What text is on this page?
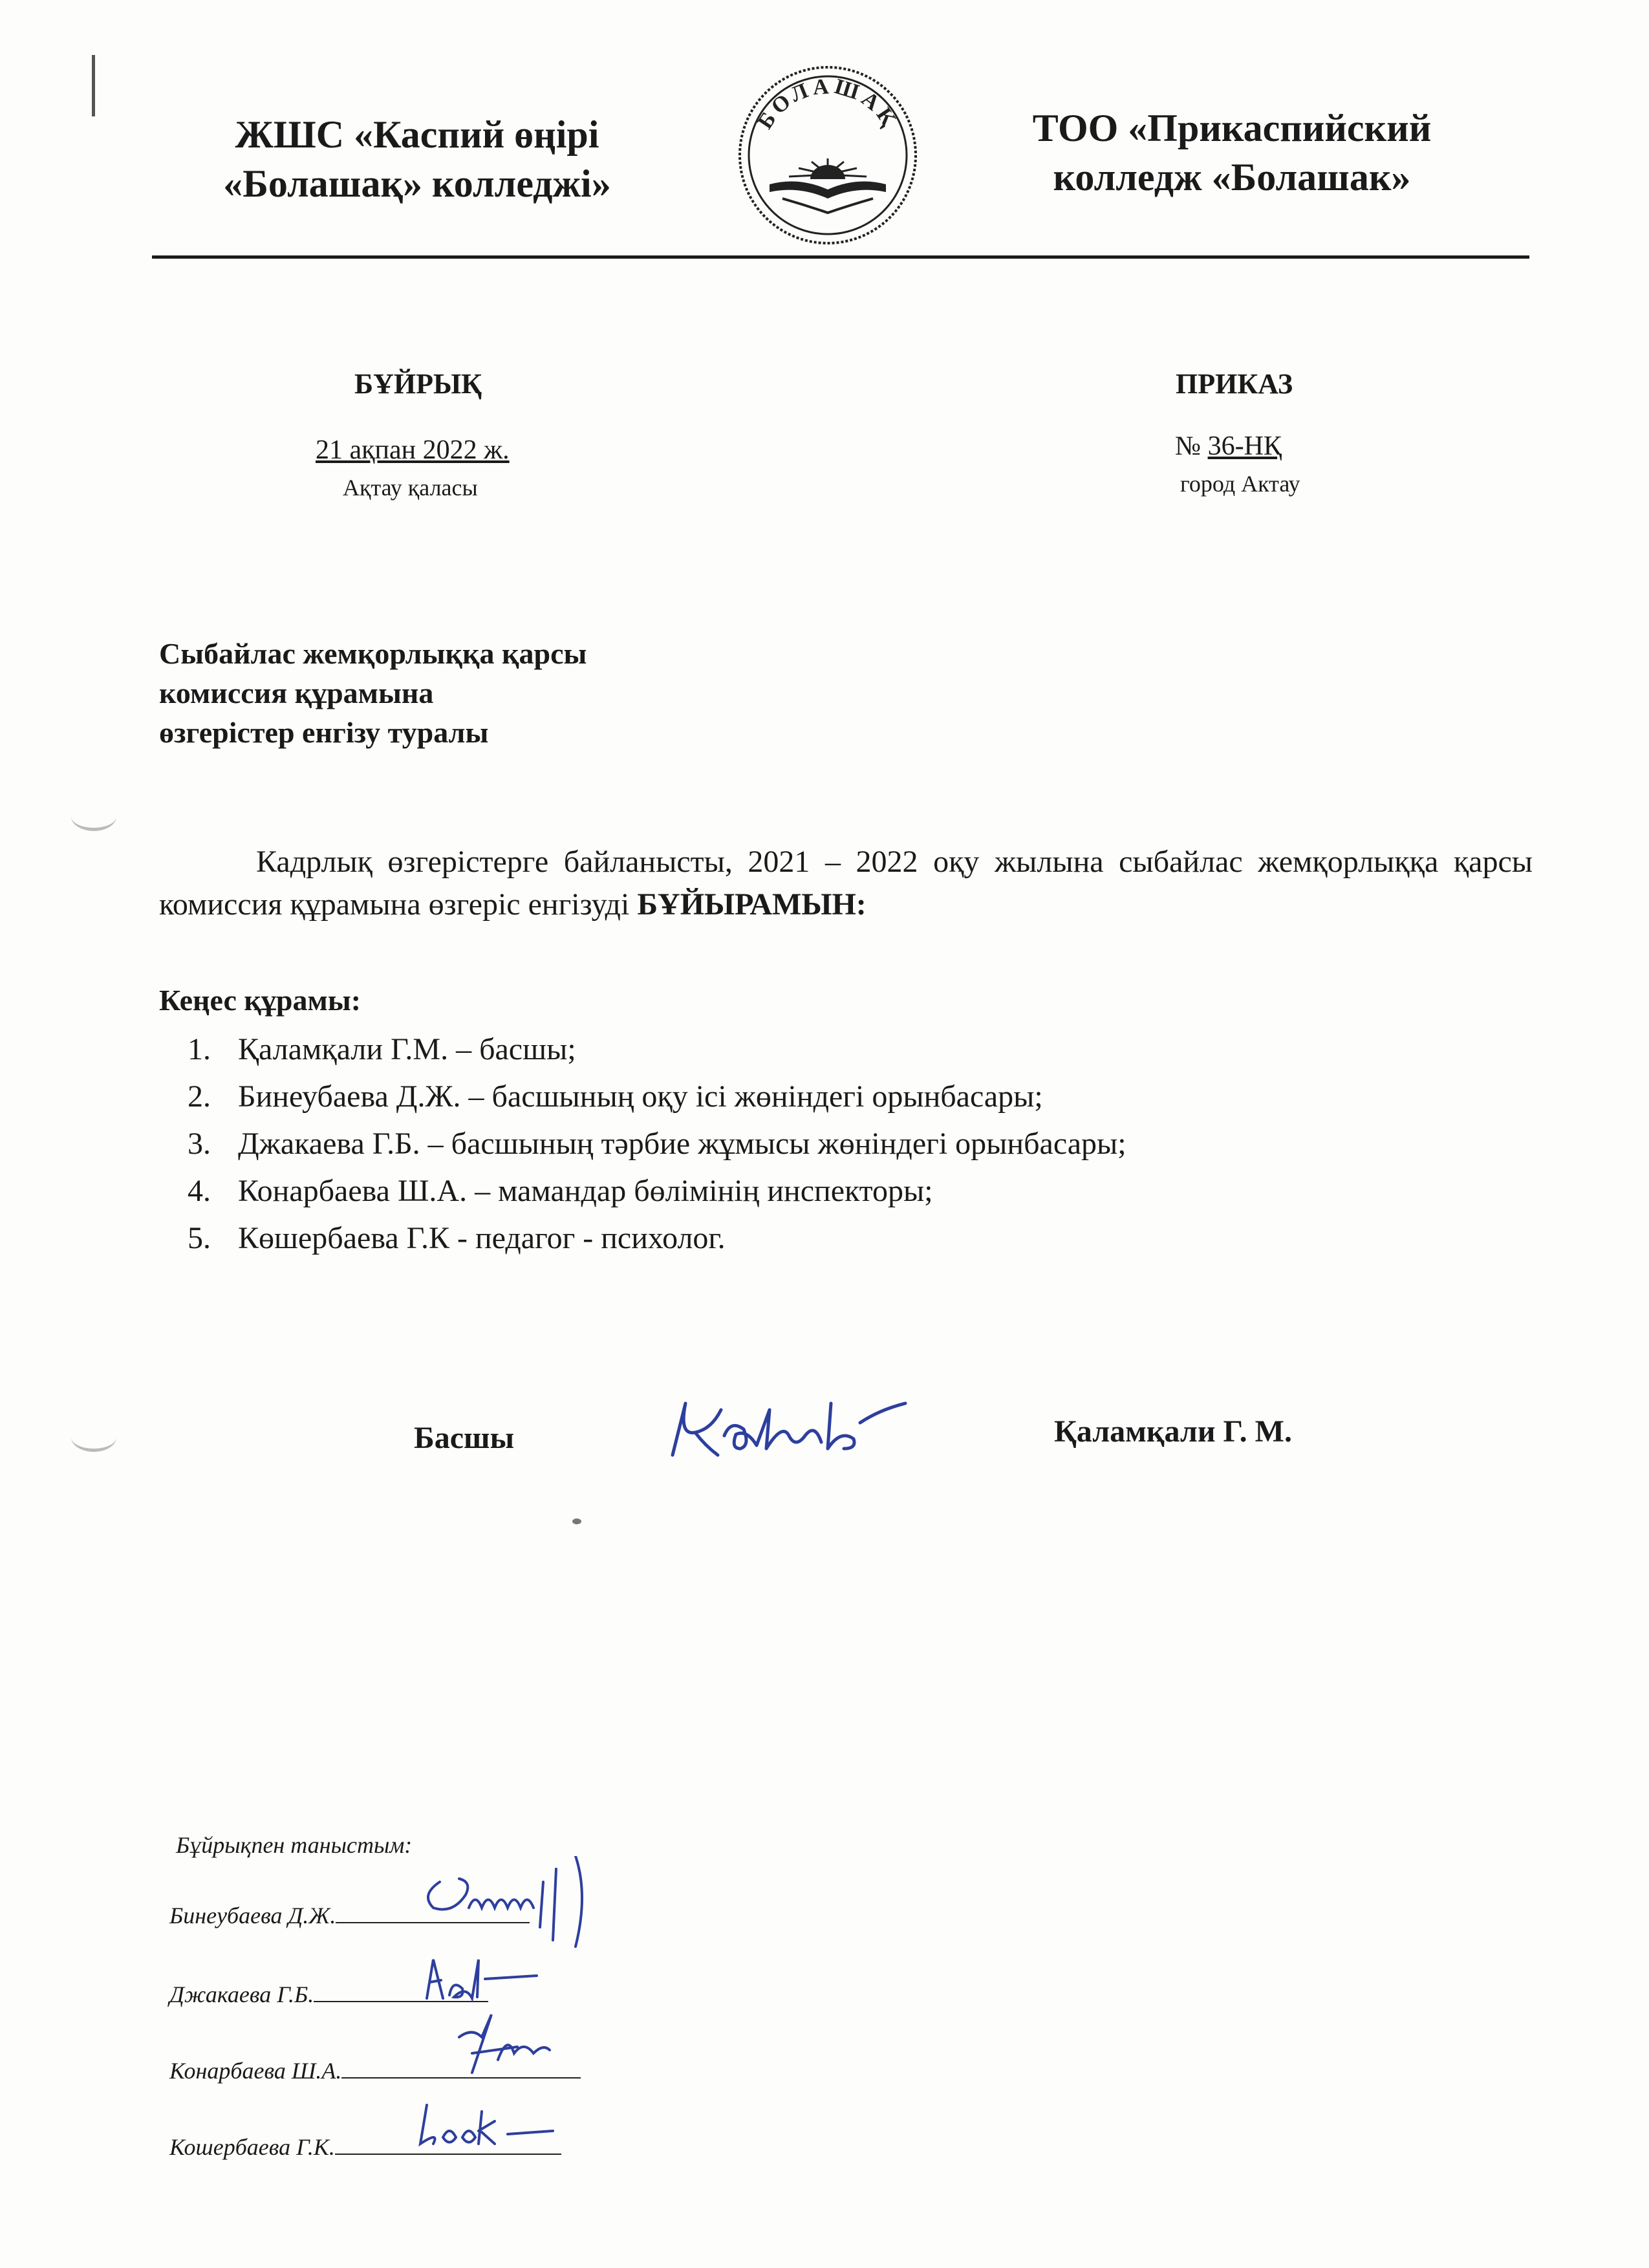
ЖШС «Каспий өңірі
«Болашақ» колледжі»
БОЛАШАҚ	ТОО «Прикаспийский
колледж «Болашак»
БҰЙРЫҚ
21 ақпан 2022 ж.
Ақтау қаласы
ПРИКАЗ
№ 36-НҚ
город Актау
Сыбайлас жемқорлыққа қарсы
комиссия құрамына
өзгерістер енгізу туралы
Кадрлық өзгерістерге байланысты, 2021 – 2022 оқу жылына сыбайлас жемқорлыққа қарсы комиссия құрамына өзгеріс енгізуді БҰЙЫРАМЫН:
Кеңес құрамы:
1. Қаламқали Г.М. – басшы;
2. Бинеубаева Д.Ж. – басшының оқу ісі жөніндегі орынбасары;
3. Джакаева Г.Б. – басшының тәрбие жұмысы жөніндегі орынбасары;
4. Конарбаева Ш.А. – мамандар бөлімінің инспекторы;
5. Көшербаева Г.К - педагог - психолог.
Басшы	Қаламқали Г. М.
Бұйрықпен таныстым:
Бинеубаева Д.Ж.
Джакаева Г.Б.
Конарбаева Ш.А.
Кошербаева Г.К.
